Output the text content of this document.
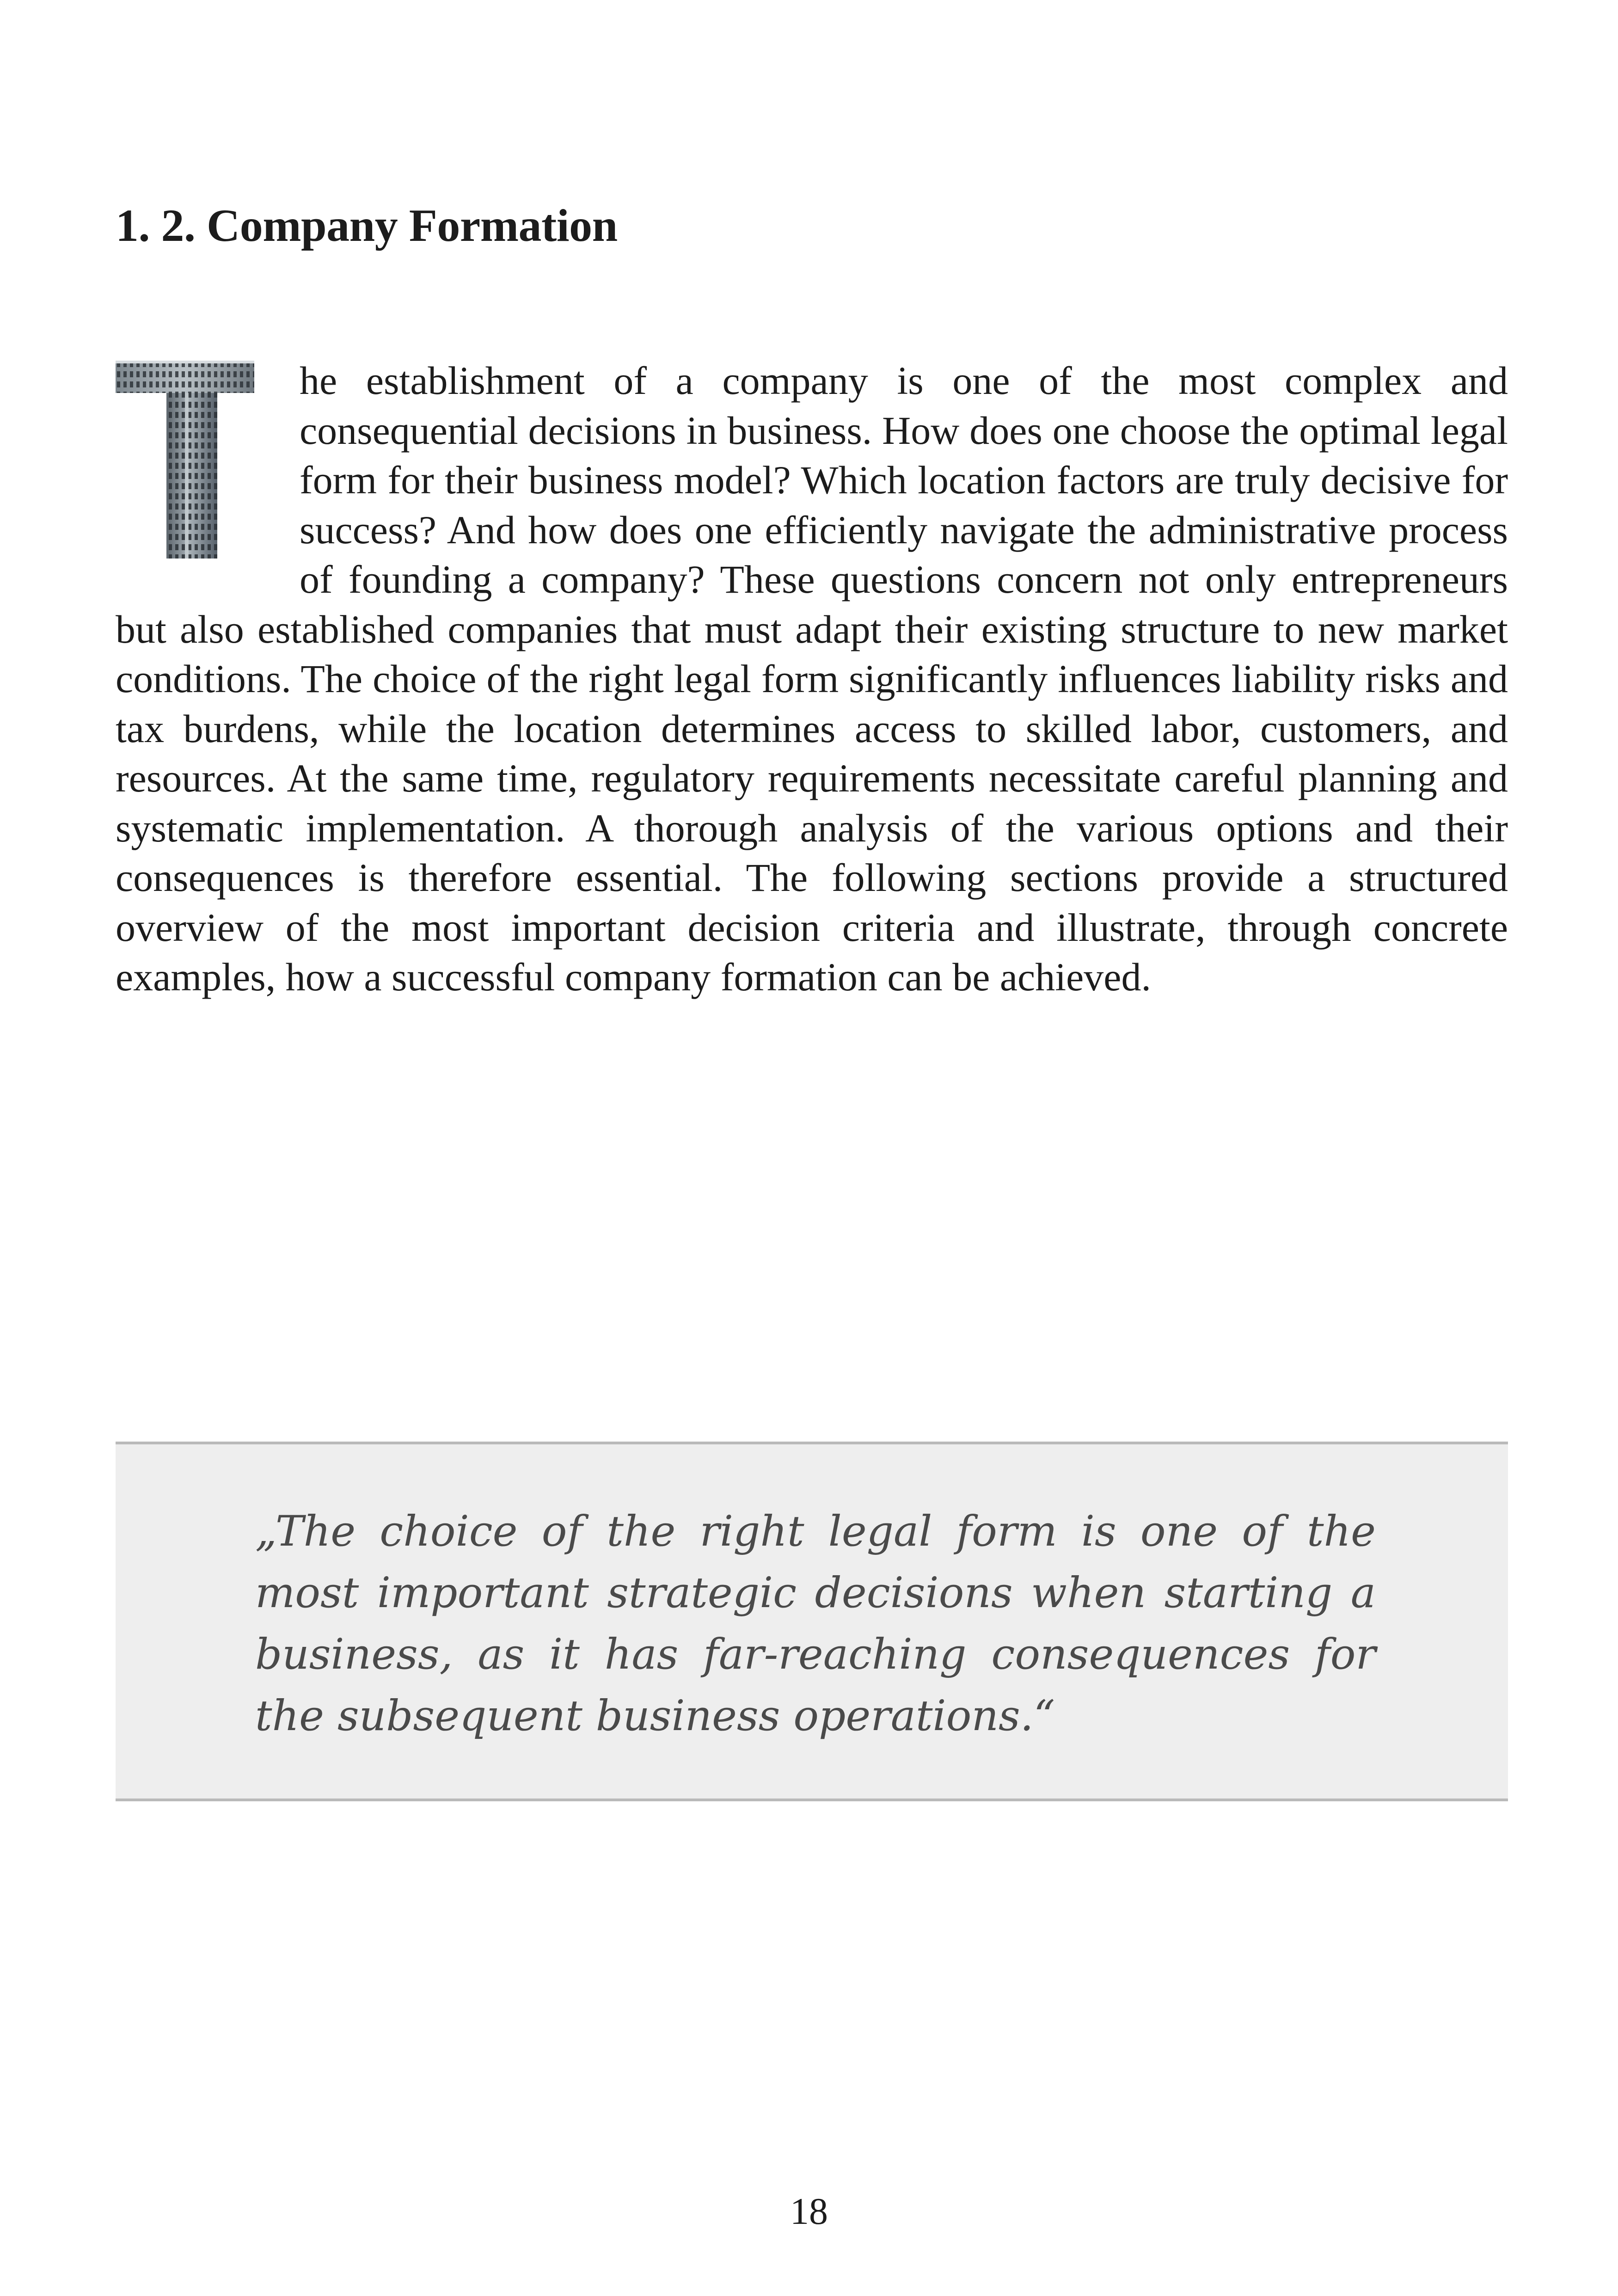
1. 2. Company Formation

he establishment of a company is one of the most complex and consequential decisions in business. How does one choose the optimal legal form for their business model? Which location factors are truly decisive for success? And how does one efficiently navigate the administrative process of founding a company? These questions concern not only entrepreneurs but also established companies that must adapt their existing structure to new market conditions. The choice of the right legal form significantly influences liability risks and tax burdens, while the location determines access to skilled labor, customers, and resources. At the same time, regulatory requirements necessitate careful planning and systematic implementation. A thorough analysis of the various options and their consequences is therefore essential. The following sections provide a structured overview of the most important decision criteria and illustrate, through concrete examples, how a successful company formation can be achieved.

„The choice of the right legal form is one of the most important strategic decisions when starting a business, as it has far-reaching consequences for the subsequent business operations.“

18
